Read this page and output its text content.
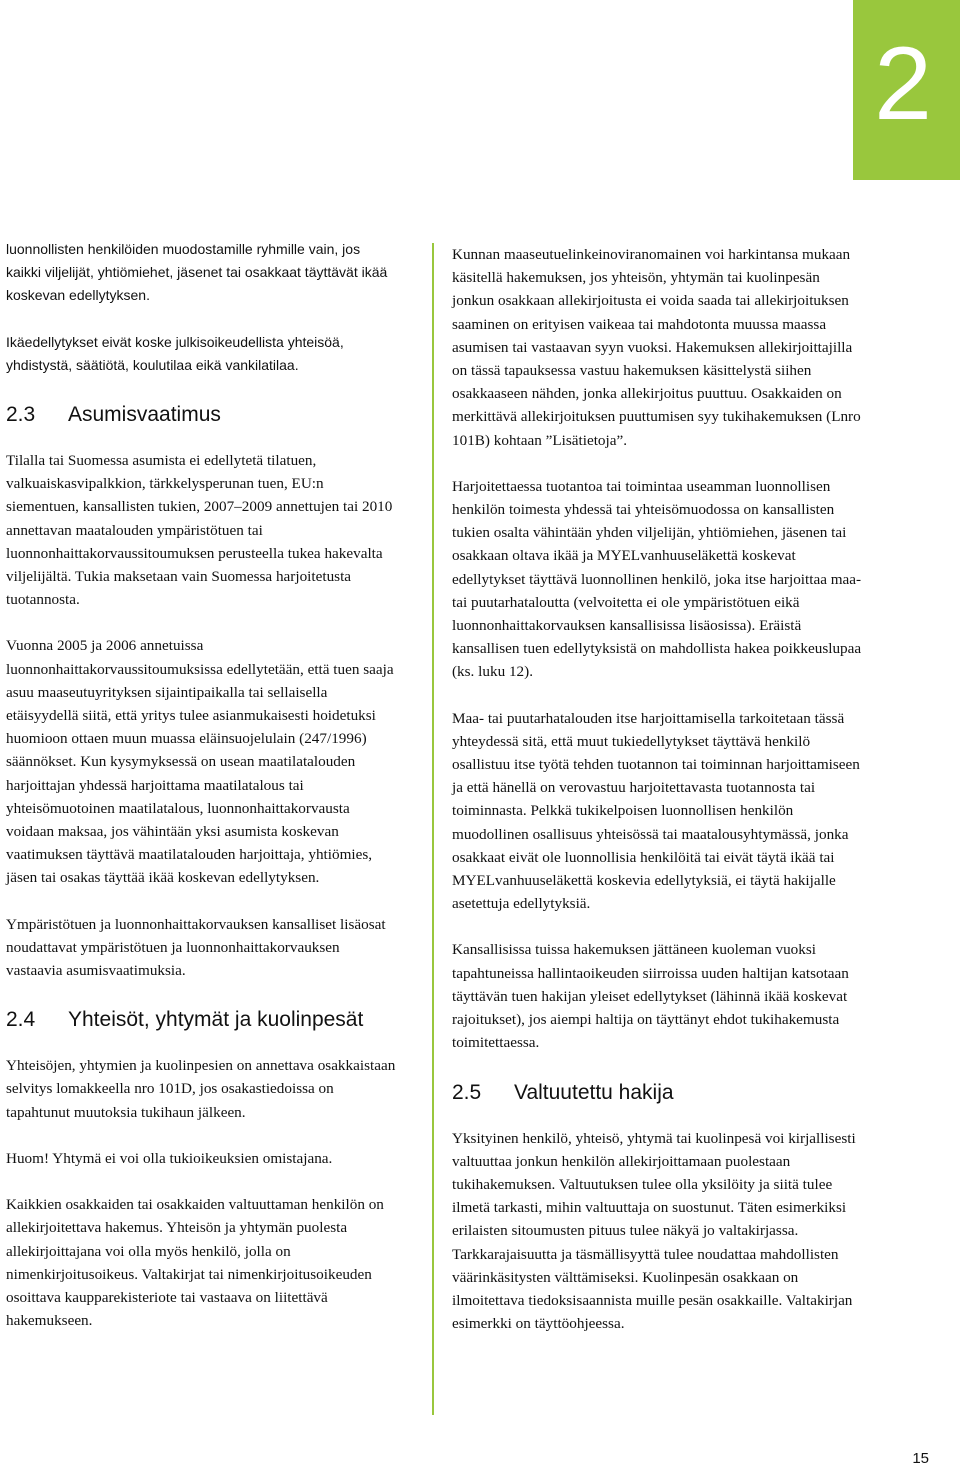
2

luonnollisten henkilöiden muodostamille ryhmille vain, jos kaikki viljelijät, yhtiömiehet, jäsenet tai osakkaat täyttävät ikää koskevan edellytyksen.

Ikäedellytykset eivät koske julkisoikeudellista yhteisöä, yhdistystä, säätiötä, koulutilaa eikä vankilatilaa.

2.3	Asumisvaatimus

Tilalla tai Suomessa asumista ei edellytetä tilatuen, valkuaiskasvipalkkion, tärkkelysperunan tuen, EU:n siementuen, kansallisten tukien, 2007–2009 annettujen tai 2010 annettavan maatalouden ympäristötuen tai luonnonhaittakorvaussitoumuksen perusteella tukea hakevalta viljelijältä. Tukia maksetaan vain Suomessa harjoitetusta tuotannosta.

Vuonna 2005 ja 2006 annetuissa luonnonhaittakorvaussitoumuksissa edellytetään, että tuen saaja asuu maaseutuyrityksen sijaintipaikalla tai sellaisella etäisyydellä siitä, että yritys tulee asianmukaisesti hoidetuksi huomioon ottaen muun muassa eläinsuojelulain (247/1996) säännökset. Kun kysymyksessä on usean maatilatalouden harjoittajan yhdessä harjoittama maatilatalous tai yhteisömuotoinen maatilatalous, luonnonhaittakorvausta voidaan maksaa, jos vähintään yksi asumista koskevan vaatimuksen täyttävä maatilatalouden harjoittaja, yhtiömies, jäsen tai osakas täyttää ikää koskevan edellytyksen.

Ympäristötuen ja luonnonhaittakorvauksen kansalliset lisäosat noudattavat ympäristötuen ja luonnonhaittakorvauksen vastaavia asumisvaatimuksia.

2.4	Yhteisöt, yhtymät ja kuolinpesät

Yhteisöjen, yhtymien ja kuolinpesien on annettava osakkaistaan selvitys lomakkeella nro 101D, jos osakastiedoissa on tapahtunut muutoksia tukihaun jälkeen.

Huom! Yhtymä ei voi olla tukioikeuksien omistajana.

Kaikkien osakkaiden tai osakkaiden valtuuttaman henkilön on allekirjoitettava hakemus. Yhteisön ja yhtymän puolesta allekirjoittajana voi olla myös henkilö, jolla on nimenkirjoitusoikeus. Valtakirjat tai nimenkirjoitusoikeuden osoittava kaupparekisteriote tai vastaava on liitettävä hakemukseen.

Kunnan maaseutuelinkeinoviranomainen voi harkintansa mukaan käsitellä hakemuksen, jos yhteisön, yhtymän tai kuolinpesän jonkun osakkaan allekirjoitusta ei voida saada tai allekirjoituksen saaminen on erityisen vaikeaa tai mahdotonta muussa maassa asumisen tai vastaavan syyn vuoksi. Hakemuksen allekirjoittajilla on tässä tapauksessa vastuu hakemuksen käsittelystä siihen osakkaaseen nähden, jonka allekirjoitus puuttuu. Osakkaiden on merkittävä allekirjoituksen puuttumisen syy tukihakemuksen (Lnro 101B) kohtaan ”Lisätietoja”.

Harjoitettaessa tuotantoa tai toimintaa useamman luonnollisen henkilön toimesta yhdessä tai yhteisömuodossa on kansallisten tukien osalta vähintään yhden viljelijän, yhtiömiehen, jäsenen tai osakkaan oltava ikää ja MYELvanhuuseläkettä koskevat edellytykset täyttävä luonnollinen henkilö, joka itse harjoittaa maa- tai puutarhataloutta (velvoitetta ei ole ympäristötuen eikä luonnonhaittakorvauksen kansallisissa lisäosissa). Eräistä kansallisen tuen edellytyksistä on mahdollista hakea poikkeuslupaa (ks. luku 12).

Maa- tai puutarhatalouden itse harjoittamisella tarkoitetaan tässä yhteydessä sitä, että muut tukiedellytykset täyttävä henkilö osallistuu itse työtä tehden tuotannon tai toiminnan harjoittamiseen ja että hänellä on verovastuu harjoitettavasta tuotannosta tai toiminnasta. Pelkkä tukikelpoisen luonnollisen henkilön muodollinen osallisuus yhteisössä tai maatalousyhtymässä, jonka osakkaat eivät ole luonnollisia henkilöitä tai eivät täytä ikää tai MYELvanhuuseläkettä koskevia edellytyksiä, ei täytä hakijalle asetettuja edellytyksiä.

Kansallisissa tuissa hakemuksen jättäneen kuoleman vuoksi tapahtuneissa hallintaoikeuden siirroissa uuden haltijan katsotaan täyttävän tuen hakijan yleiset edellytykset (lähinnä ikää koskevat rajoitukset), jos aiempi haltija on täyttänyt ehdot tukihakemusta toimitettaessa.

2.5	Valtuutettu hakija

Yksityinen henkilö, yhteisö, yhtymä tai kuolinpesä voi kirjallisesti valtuuttaa jonkun henkilön allekirjoittamaan puolestaan tukihakemuksen. Valtuutuksen tulee olla yksilöity ja siitä tulee ilmetä tarkasti, mihin valtuuttaja on suostunut. Täten esimerkiksi erilaisten sitoumusten pituus tulee näkyä jo valtakirjassa. Tarkkarajaisuutta ja täsmällisyyttä tulee noudattaa mahdollisten väärinkäsitysten välttämiseksi. Kuolinpesän osakkaan on ilmoitettava tiedoksisaannista muille pesän osakkaille. Valtakirjan esimerkki on täyttöohjeessa.

15
